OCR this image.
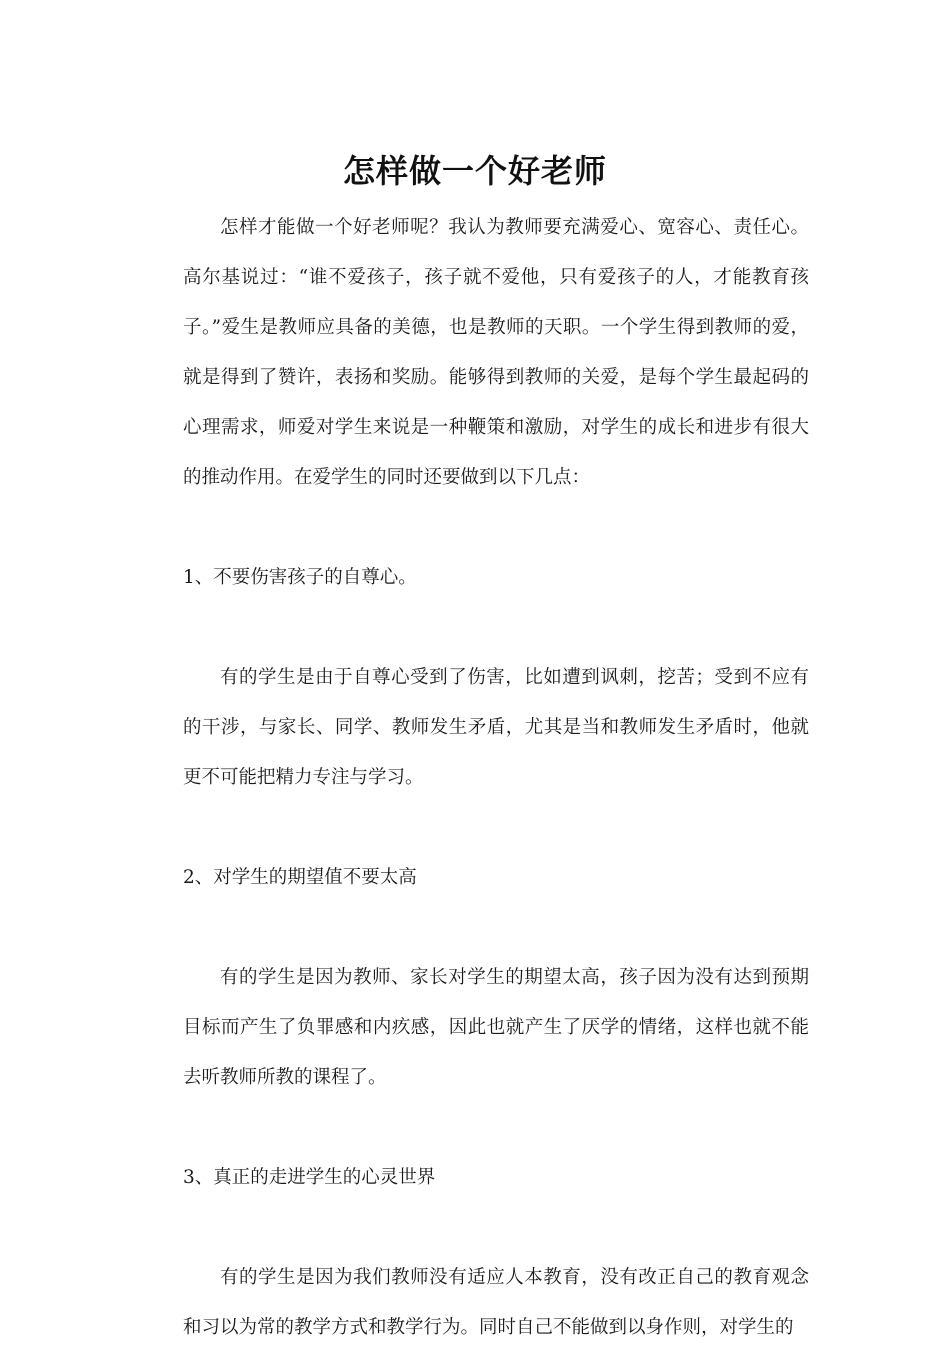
怎样做一个好老师

怎样才能做一个好老师呢？我认为教师要充满爱心、宽容心、责任心。高尔基说过：“谁不爱孩子，孩子就不爱他，只有爱孩子的人，才能教育孩子。”爱生是教师应具备的美德，也是教师的天职。一个学生得到教师的爱，就是得到了赞许，表扬和奖励。能够得到教师的关爱，是每个学生最起码的心理需求，师爱对学生来说是一种鞭策和激励，对学生的成长和进步有很大的推动作用。在爱学生的同时还要做到以下几点：

1、不要伤害孩子的自尊心。

有的学生是由于自尊心受到了伤害，比如遭到讽刺，挖苦；受到不应有的干涉，与家长、同学、教师发生矛盾，尤其是当和教师发生矛盾时，他就更不可能把精力专注与学习。

2、对学生的期望值不要太高

有的学生是因为教师、家长对学生的期望太高，孩子因为没有达到预期目标而产生了负罪感和内疚感，因此也就产生了厌学的情绪，这样也就不能去听教师所教的课程了。

3、真正的走进学生的心灵世界

有的学生是因为我们教师没有适应人本教育，没有改正自己的教育观念和习以为常的教学方式和教学行为。同时自己不能做到以身作则，对学生的
